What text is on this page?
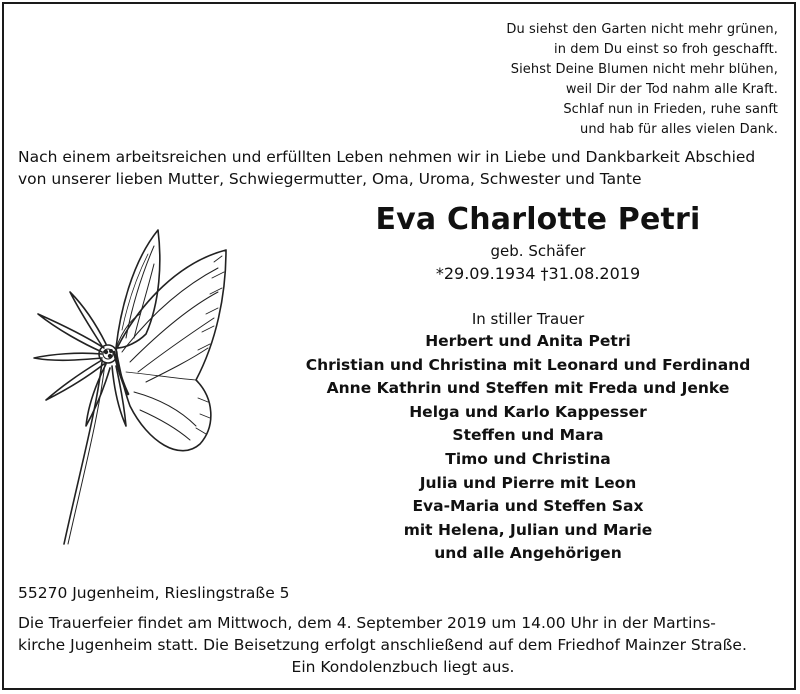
Du siehst den Garten nicht mehr grünen,
in dem Du einst so froh geschafft.
Siehst Deine Blumen nicht mehr blühen,
weil Dir der Tod nahm alle Kraft.
Schlaf nun in Frieden, ruhe sanft
und hab für alles vielen Dank.
Nach einem arbeitsreichen und erfüllten Leben nehmen wir in Liebe und Dankbarkeit Abschied
von unserer lieben Mutter, Schwiegermutter, Oma, Uroma, Schwester und Tante
Eva Charlotte Petri
geb. Schäfer
*29.09.1934 †31.08.2019
In stiller Trauer
Herbert und Anita Petri
Christian und Christina mit Leonard und Ferdinand
Anne Kathrin und Steffen mit Freda und Jenke
Helga und Karlo Kappesser
Steffen und Mara
Timo und Christina
Julia und Pierre mit Leon
Eva-Maria und Steffen Sax
mit Helena, Julian und Marie
und alle Angehörigen
55270 Jugenheim, Rieslingstraße 5
Die Trauerfeier findet am Mittwoch, dem 4. September 2019 um 14.00 Uhr in der Martins-
kirche Jugenheim statt. Die Beisetzung erfolgt anschließend auf dem Friedhof Mainzer Straße.
Ein Kondolenzbuch liegt aus.
